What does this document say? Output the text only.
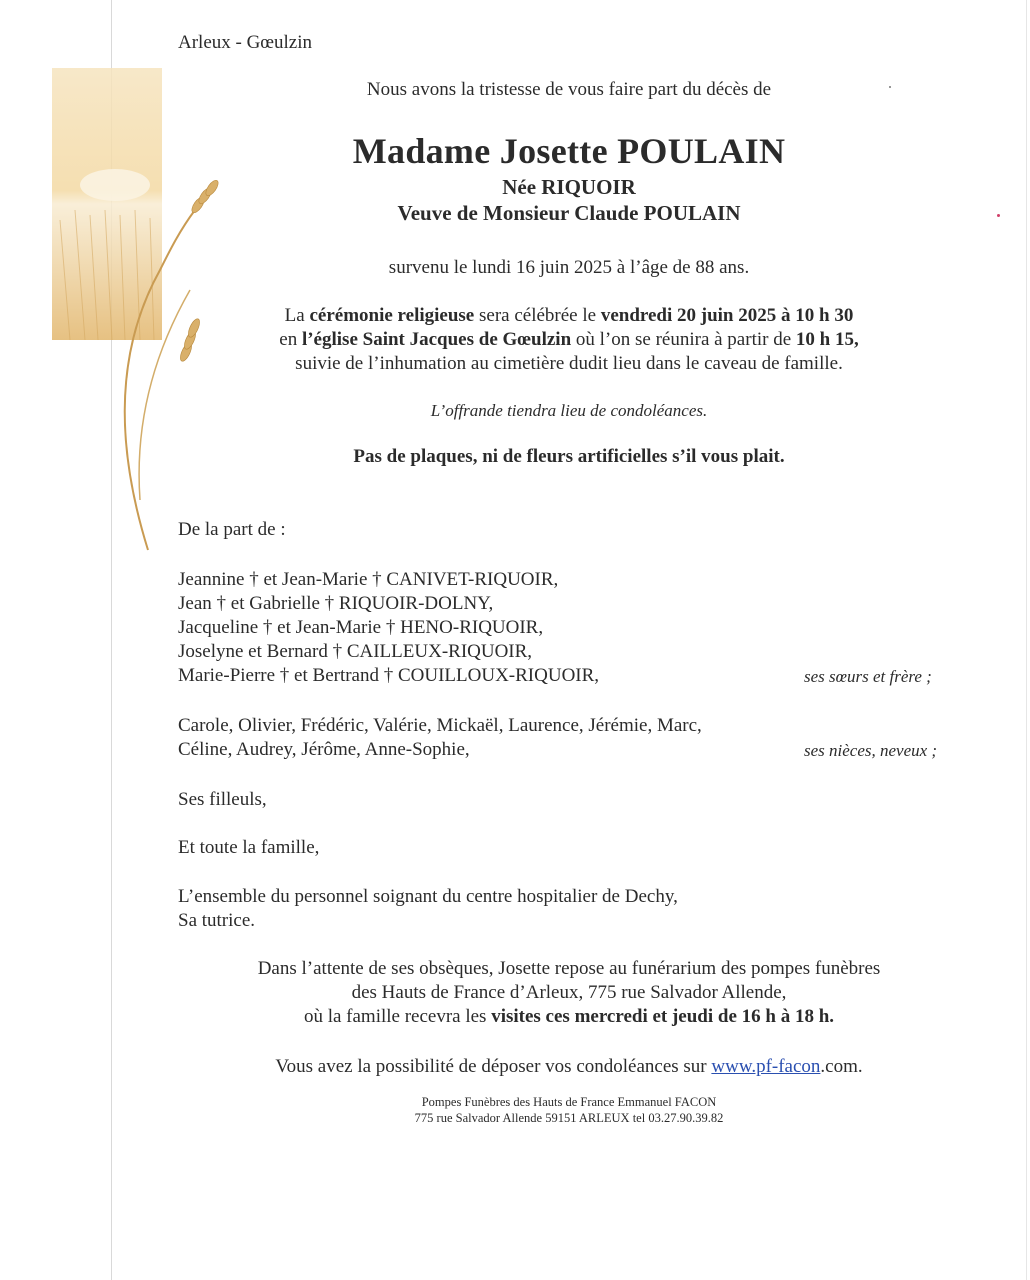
Arleux - Gœulzin
Nous avons la tristesse de vous faire part du décès de
Madame Josette POULAIN
Née RIQUOIR
Veuve de Monsieur Claude POULAIN
survenu le lundi 16 juin 2025 à l’âge de 88 ans.
La cérémonie religieuse sera célébrée le vendredi 20 juin 2025 à 10 h 30
en l’église Saint Jacques de Gœulzin où l’on se réunira à partir de 10 h 15,
suivie de l’inhumation au cimetière dudit lieu dans le caveau de famille.
L’offrande tiendra lieu de condoléances.
Pas de plaques, ni de fleurs artificielles s’il vous plait.
De la part de :
Jeannine † et Jean-Marie † CANIVET-RIQUOIR,
Jean † et Gabrielle † RIQUOIR-DOLNY,
Jacqueline † et Jean-Marie † HENO-RIQUOIR,
Joselyne et Bernard † CAILLEUX-RIQUOIR,
Marie-Pierre † et Bertrand † COUILLOUX-RIQUOIR,	ses sœurs et frère ;
Carole, Olivier, Frédéric, Valérie, Mickaël, Laurence, Jérémie, Marc,
Céline, Audrey, Jérôme, Anne-Sophie,	ses nièces, neveux ;
Ses filleuls,
Et toute la famille,
L’ensemble du personnel soignant du centre hospitalier de Dechy,
Sa tutrice.
Dans l’attente de ses obsèques, Josette repose au funérarium des pompes funèbres
des Hauts de France d’Arleux, 775 rue Salvador Allende,
où la famille recevra les visites ces mercredi et jeudi de 16 h à 18 h.
Vous avez la possibilité de déposer vos condoléances sur www.pf-facon.com.
Pompes Funèbres des Hauts de France Emmanuel FACON
775 rue Salvador Allende 59151 ARLEUX tel 03.27.90.39.82
